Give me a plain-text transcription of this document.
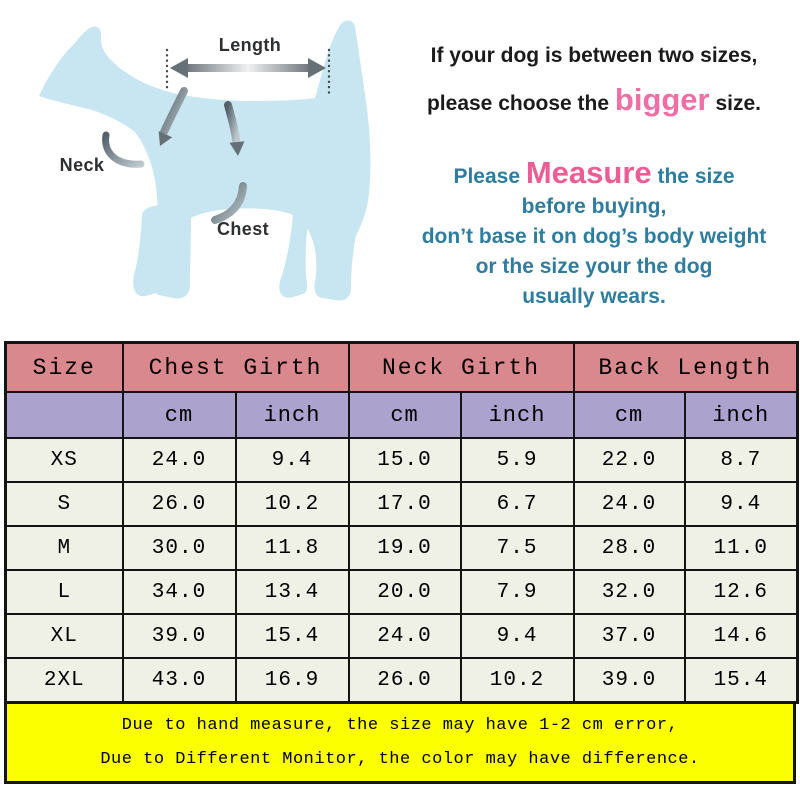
Length
Neck
Chest
If your dog is between two sizes,
please choose the bigger size.
Please Measure the size
before buying,
don’t base it on dog’s body weight
or the size your the dog
usually wears.
Size	Chest Girth		Neck Girth		Back Length	
	cm	inch	cm	inch	cm	inch
XS	24.0	9.4	15.0	5.9	22.0	8.7
S	26.0	10.2	17.0	6.7	24.0	9.4
M	30.0	11.8	19.0	7.5	28.0	11.0
L	34.0	13.4	20.0	7.9	32.0	12.6
XL	39.0	15.4	24.0	9.4	37.0	14.6
2XL	43.0	16.9	26.0	10.2	39.0	15.4
Due to hand measure, the size may have 1-2 cm error,
Due to Different Monitor, the color may have difference.
